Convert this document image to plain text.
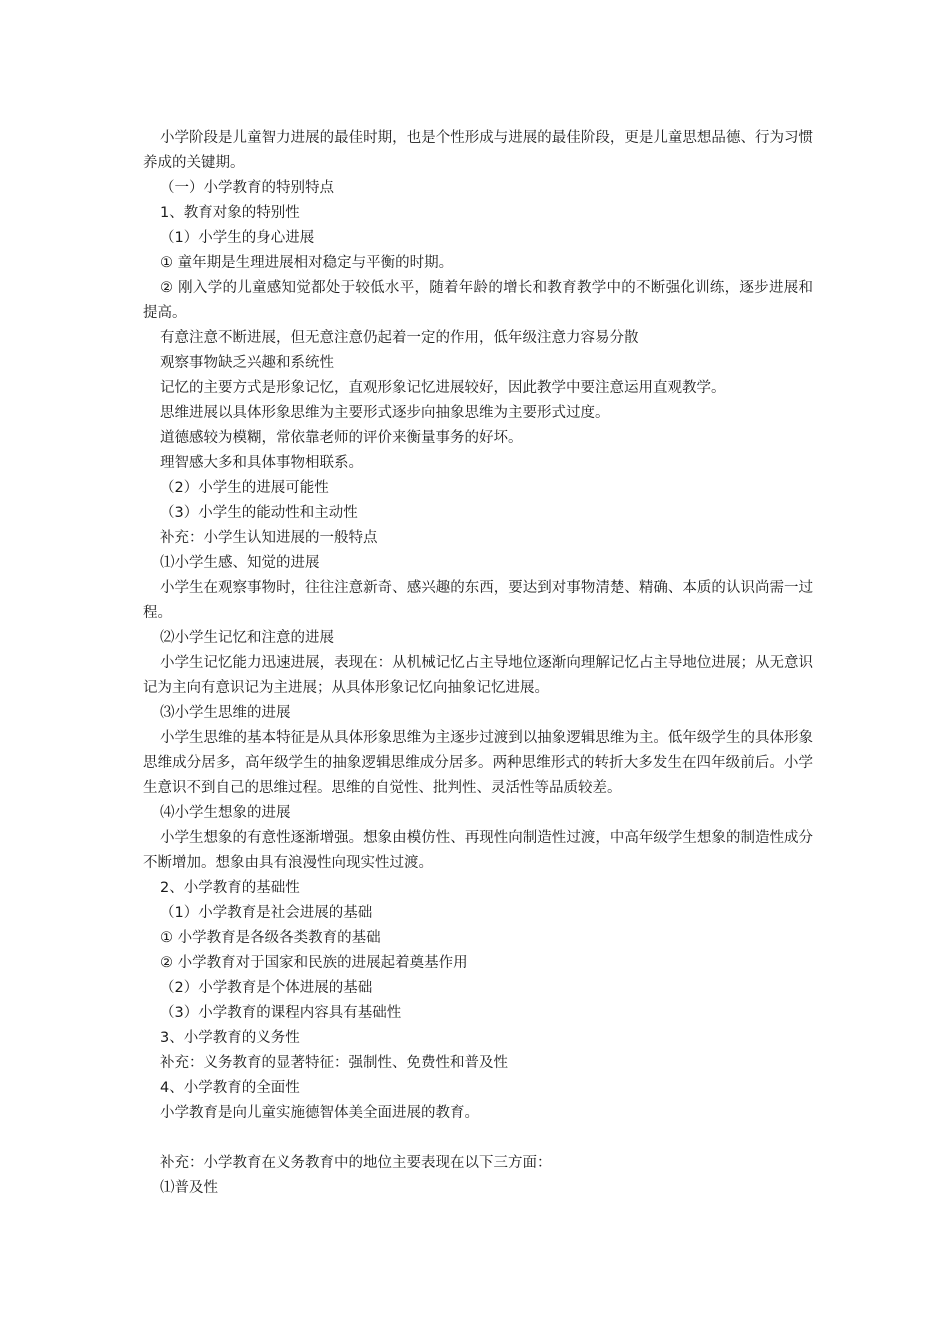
小学阶段是儿童智力进展的最佳时期，也是个性形成与进展的最佳阶段，更是儿童思想品德、行为习惯养成的关键期。

（一）小学教育的特别特点

1、教育对象的特别性

（1）小学生的身心进展

① 童年期是生理进展相对稳定与平衡的时期。

② 刚入学的儿童感知觉都处于较低水平，随着年龄的增长和教育教学中的不断强化训练，逐步进展和提高。

有意注意不断进展，但无意注意仍起着一定的作用，低年级注意力容易分散

观察事物缺乏兴趣和系统性

记忆的主要方式是形象记忆，直观形象记忆进展较好，因此教学中要注意运用直观教学。

思维进展以具体形象思维为主要形式逐步向抽象思维为主要形式过度。

道德感较为模糊，常依靠老师的评价来衡量事务的好坏。

理智感大多和具体事物相联系。

（2）小学生的进展可能性

（3）小学生的能动性和主动性

补充：小学生认知进展的一般特点

⑴小学生感、知觉的进展

小学生在观察事物时，往往注意新奇、感兴趣的东西，要达到对事物清楚、精确、本质的认识尚需一过程。

⑵小学生记忆和注意的进展

小学生记忆能力迅速进展，表现在：从机械记忆占主导地位逐渐向理解记忆占主导地位进展；从无意识记为主向有意识记为主进展；从具体形象记忆向抽象记忆进展。

⑶小学生思维的进展

小学生思维的基本特征是从具体形象思维为主逐步过渡到以抽象逻辑思维为主。低年级学生的具体形象思维成分居多，高年级学生的抽象逻辑思维成分居多。两种思维形式的转折大多发生在四年级前后。小学生意识不到自己的思维过程。思维的自觉性、批判性、灵活性等品质较差。

⑷小学生想象的进展

小学生想象的有意性逐渐增强。想象由模仿性、再现性向制造性过渡，中高年级学生想象的制造性成分不断增加。想象由具有浪漫性向现实性过渡。

2、小学教育的基础性

（1）小学教育是社会进展的基础

① 小学教育是各级各类教育的基础

② 小学教育对于国家和民族的进展起着奠基作用

（2）小学教育是个体进展的基础

（3）小学教育的课程内容具有基础性

3、小学教育的义务性

补充：义务教育的显著特征：强制性、免费性和普及性

4、小学教育的全面性

小学教育是向儿童实施德智体美全面进展的教育。

补充：小学教育在义务教育中的地位主要表现在以下三方面：

⑴普及性
